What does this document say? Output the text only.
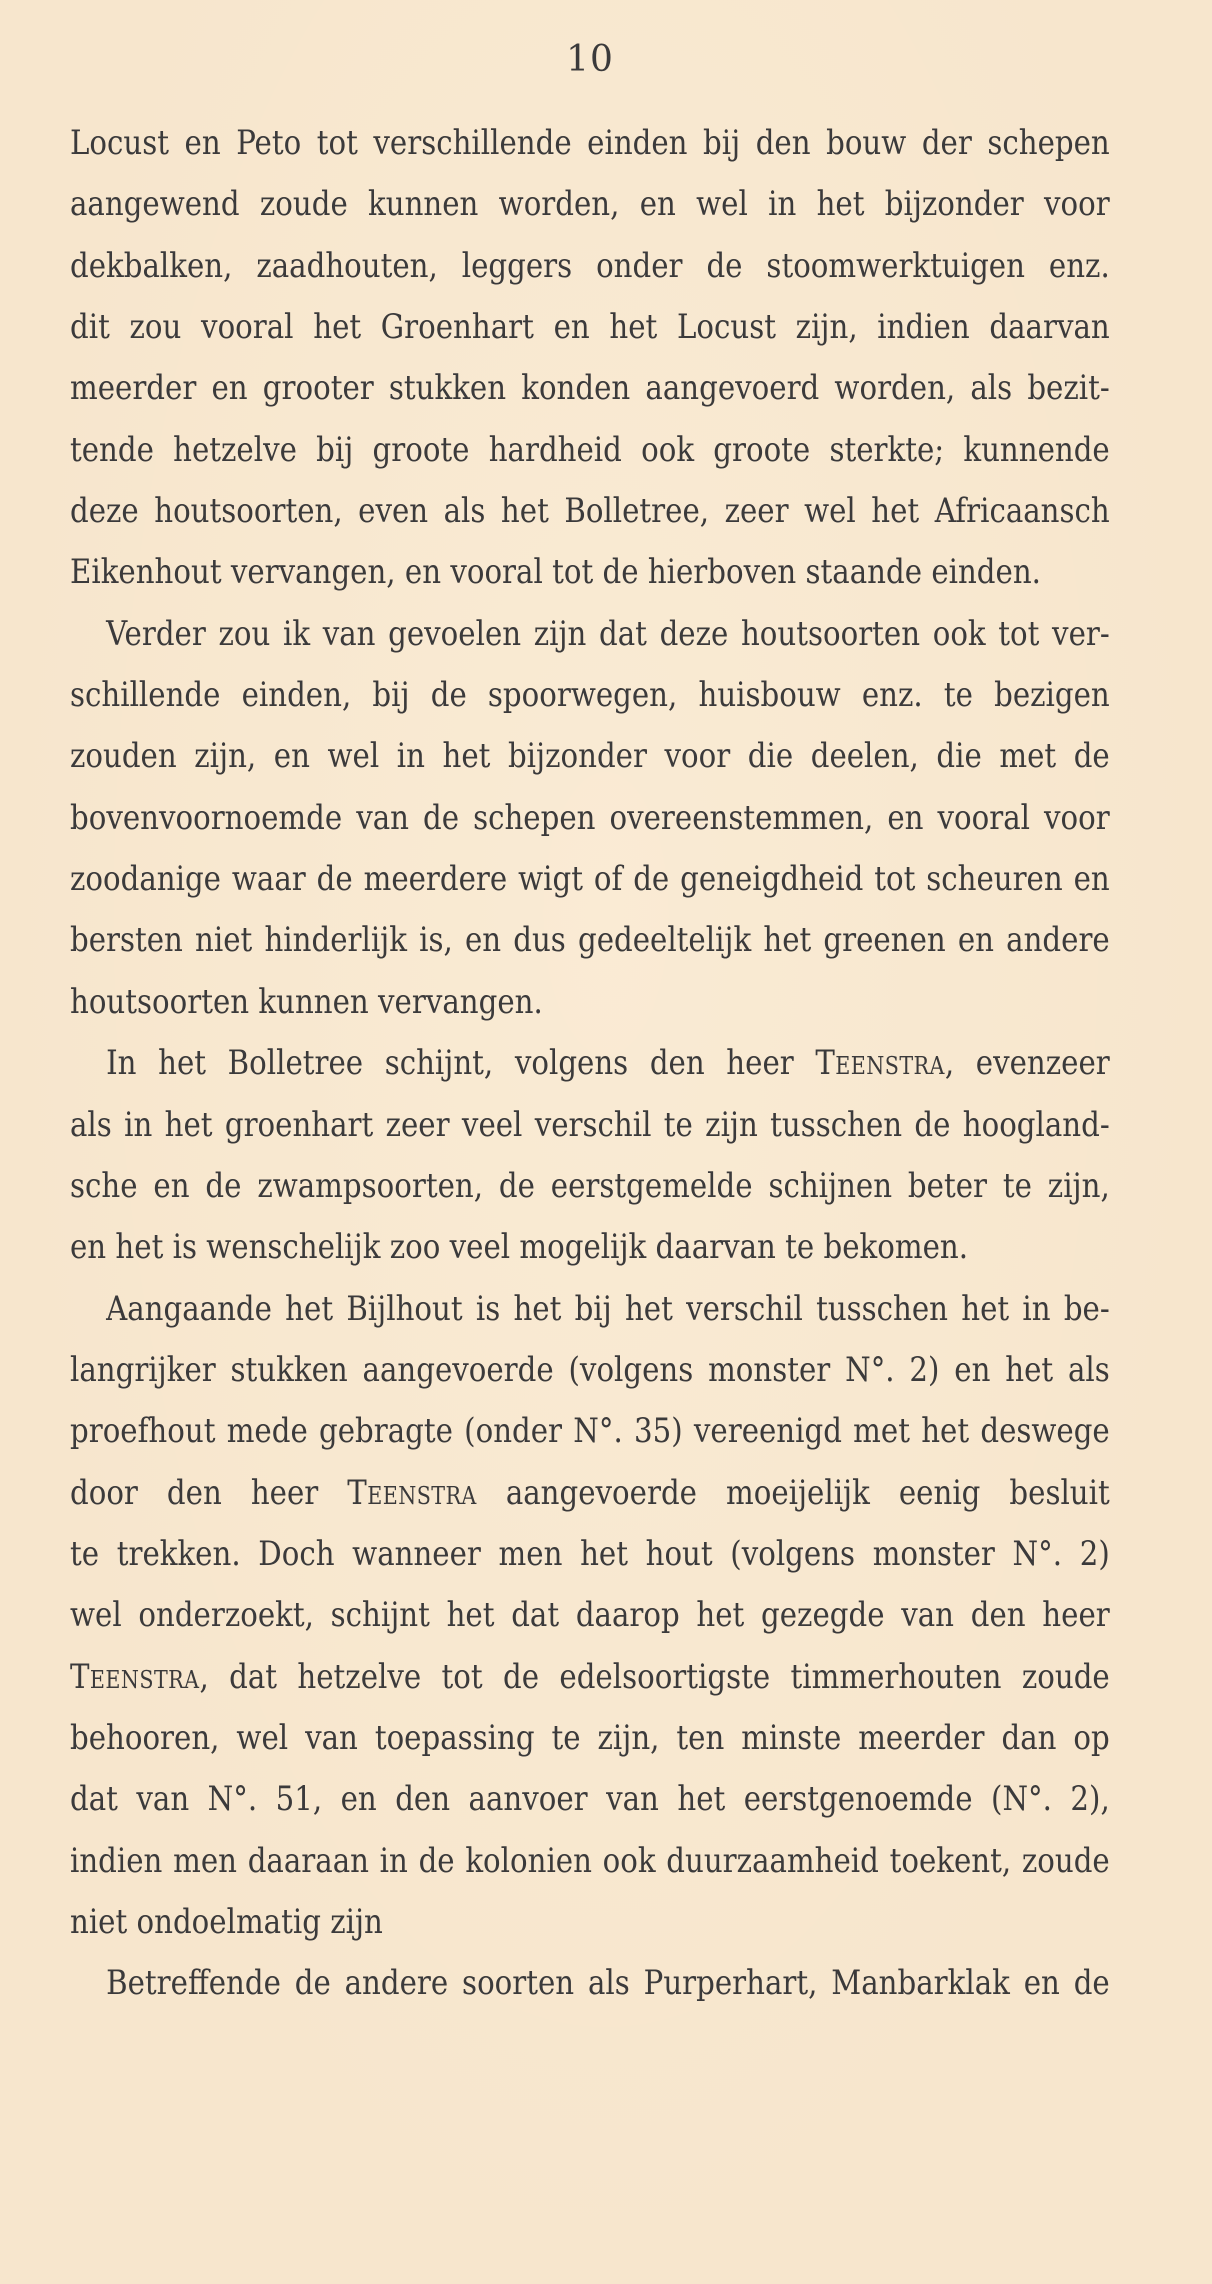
10
Locust en Peto tot verschillende einden bij den bouw der schepen
aangewend zoude kunnen worden, en wel in het bijzonder voor
dekbalken, zaadhouten, leggers onder de stoomwerktuigen enz.
dit zou vooral het Groenhart en het Locust zijn, indien daarvan
meerder en grooter stukken konden aangevoerd worden, als bezit-
tende hetzelve bij groote hardheid ook groote sterkte; kunnende
deze houtsoorten, even als het Bolletree, zeer wel het Africaansch
Eikenhout vervangen, en vooral tot de hierboven staande einden.
Verder zou ik van gevoelen zijn dat deze houtsoorten ook tot ver-
schillende einden, bij de spoorwegen, huisbouw enz. te bezigen
zouden zijn, en wel in het bijzonder voor die deelen, die met de
bovenvoornoemde van de schepen overeenstemmen, en vooral voor
zoodanige waar de meerdere wigt of de geneigdheid tot scheuren en
bersten niet hinderlijk is, en dus gedeeltelijk het greenen en andere
houtsoorten kunnen vervangen.
In het Bolletree schijnt, volgens den heer Teenstra, evenzeer
als in het groenhart zeer veel verschil te zijn tusschen de hoogland-
sche en de zwampsoorten, de eerstgemelde schijnen beter te zijn,
en het is wenschelijk zoo veel mogelijk daarvan te bekomen.
Aangaande het Bijlhout is het bij het verschil tusschen het in be-
langrijker stukken aangevoerde (volgens monster N°. 2) en het als
proefhout mede gebragte (onder N°. 35) vereenigd met het deswege
door den heer Teenstra aangevoerde moeijelijk eenig besluit
te trekken. Doch wanneer men het hout (volgens monster N°. 2)
wel onderzoekt, schijnt het dat daarop het gezegde van den heer
Teenstra, dat hetzelve tot de edelsoortigste timmerhouten zoude
behooren, wel van toepassing te zijn, ten minste meerder dan op
dat van N°. 51, en den aanvoer van het eerstgenoemde (N°. 2),
indien men daaraan in de kolonien ook duurzaamheid toekent, zoude
niet ondoelmatig zijn
Betreffende de andere soorten als Purperhart, Manbarklak en de
